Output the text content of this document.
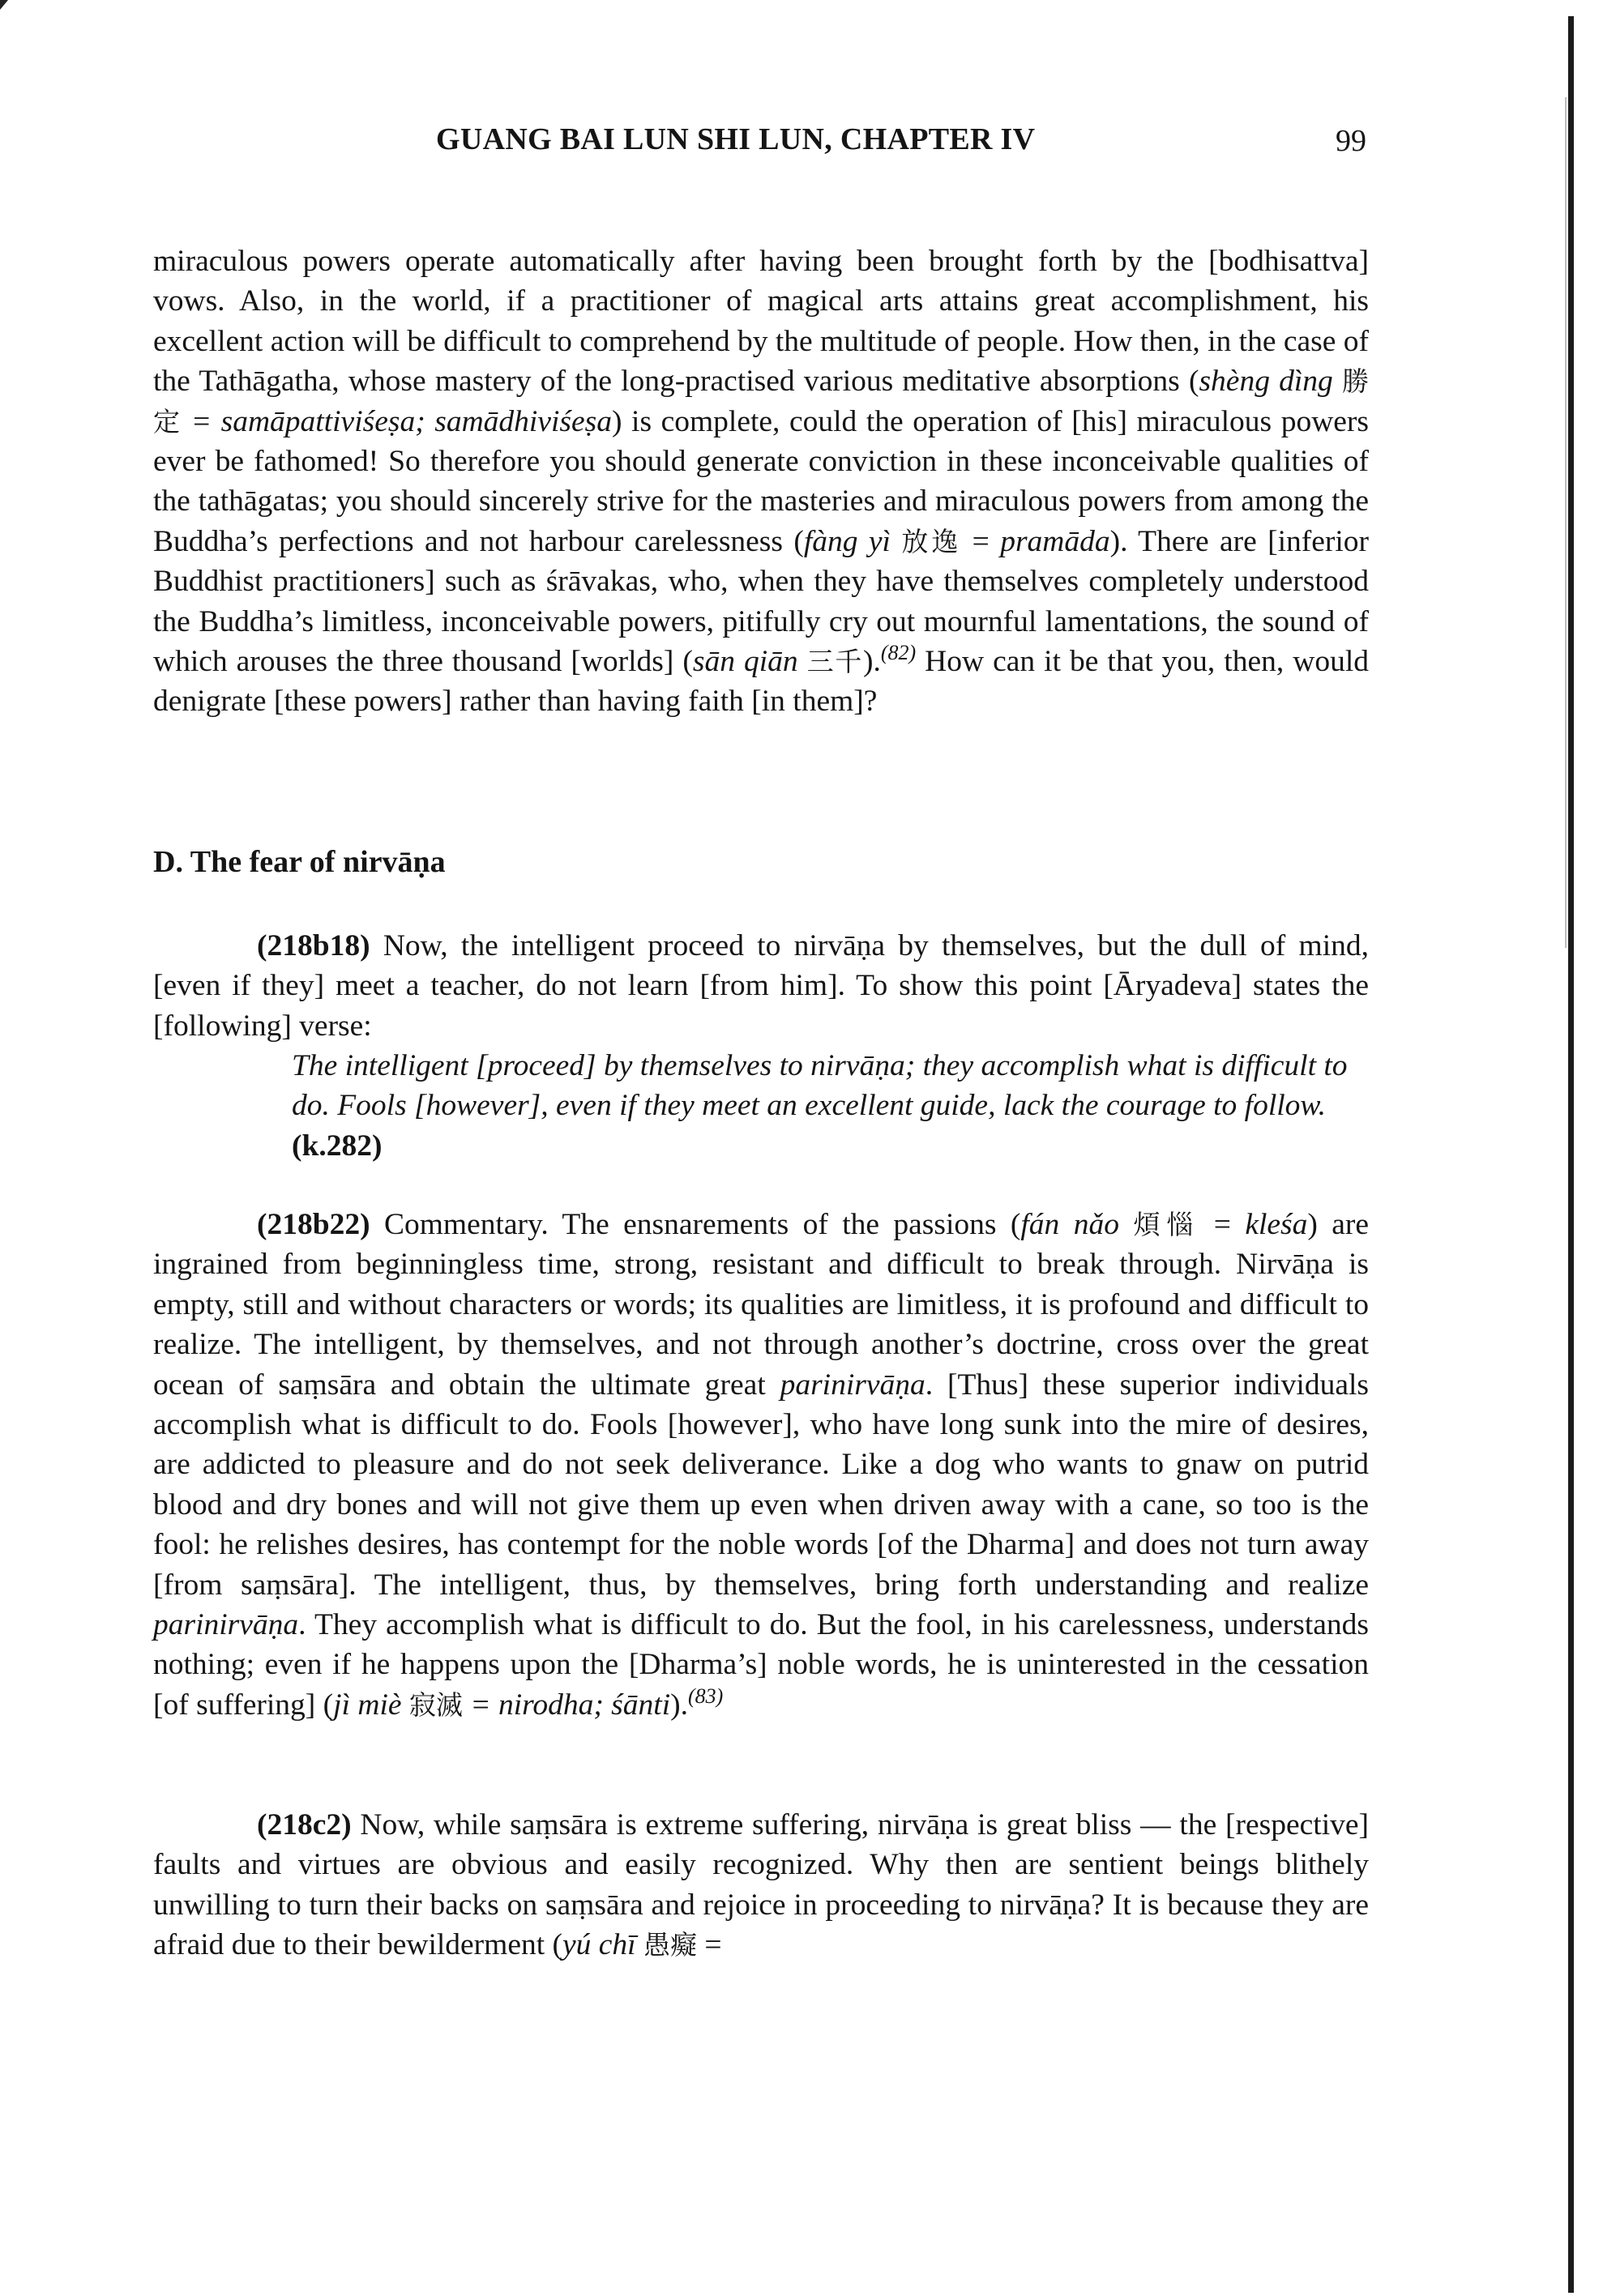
GUANG BAI LUN SHI LUN, CHAPTER IV	99

miraculous powers operate automatically after having been brought forth by the [bodhisattva] vows. Also, in the world, if a practitioner of magical arts attains great accomplishment, his excellent action will be difficult to comprehend by the multitude of people. How then, in the case of the Tathāgatha, whose mastery of the long-practised various meditative absorptions (shèng dìng 勝定 = samāpattiviśeṣa; samādhiviśeṣa) is complete, could the operation of [his] miraculous powers ever be fathomed! So therefore you should generate conviction in these inconceivable qualities of the tathāgatas; you should sincerely strive for the masteries and miraculous powers from among the Buddha’s perfections and not harbour carelessness (fàng yì 放逸 = pramāda). There are [inferior Buddhist practitioners] such as śrāvakas, who, when they have themselves completely understood the Buddha’s limitless, inconceivable powers, pitifully cry out mournful lamentations, the sound of which arouses the three thousand [worlds] (sān qiān 三千).$^{(82)}$ How can it be that you, then, would denigrate [these powers] rather than having faith [in them]?

D. The fear of nirvāṇa

(218b18) Now, the intelligent proceed to nirvāṇa by themselves, but the dull of mind, [even if they] meet a teacher, do not learn [from him]. To show this point [Āryadeva] states the [following] verse:

The intelligent [proceed] by themselves to nirvāṇa; they accomplish what is difficult to do. Fools [however], even if they meet an excellent guide, lack the courage to follow. (k.282)

(218b22) Commentary. The ensnarements of the passions (fán nǎo 煩惱 = kleśa) are ingrained from beginningless time, strong, resistant and difficult to break through. Nirvāṇa is empty, still and without characters or words; its qualities are limitless, it is profound and difficult to realize. The intelligent, by themselves, and not through another’s doctrine, cross over the great ocean of saṃsāra and obtain the ultimate great parinirvāṇa. [Thus] these superior individuals accomplish what is difficult to do. Fools [however], who have long sunk into the mire of desires, are addicted to pleasure and do not seek deliverance. Like a dog who wants to gnaw on putrid blood and dry bones and will not give them up even when driven away with a cane, so too is the fool: he relishes desires, has contempt for the noble words [of the Dharma] and does not turn away [from saṃsāra]. The intelligent, thus, by themselves, bring forth understanding and realize parinirvāṇa. They accomplish what is difficult to do. But the fool, in his carelessness, understands nothing; even if he happens upon the [Dharma’s] noble words, he is uninterested in the cessation [of suffering] (jì miè 寂滅 = nirodha; śānti).$^{(83)}$

(218c2) Now, while saṃsāra is extreme suffering, nirvāṇa is great bliss — the [respective] faults and virtues are obvious and easily recognized. Why then are sentient beings blithely unwilling to turn their backs on saṃsāra and rejoice in proceeding to nirvāṇa? It is because they are afraid due to their bewilderment (yú chī 愚癡 =
